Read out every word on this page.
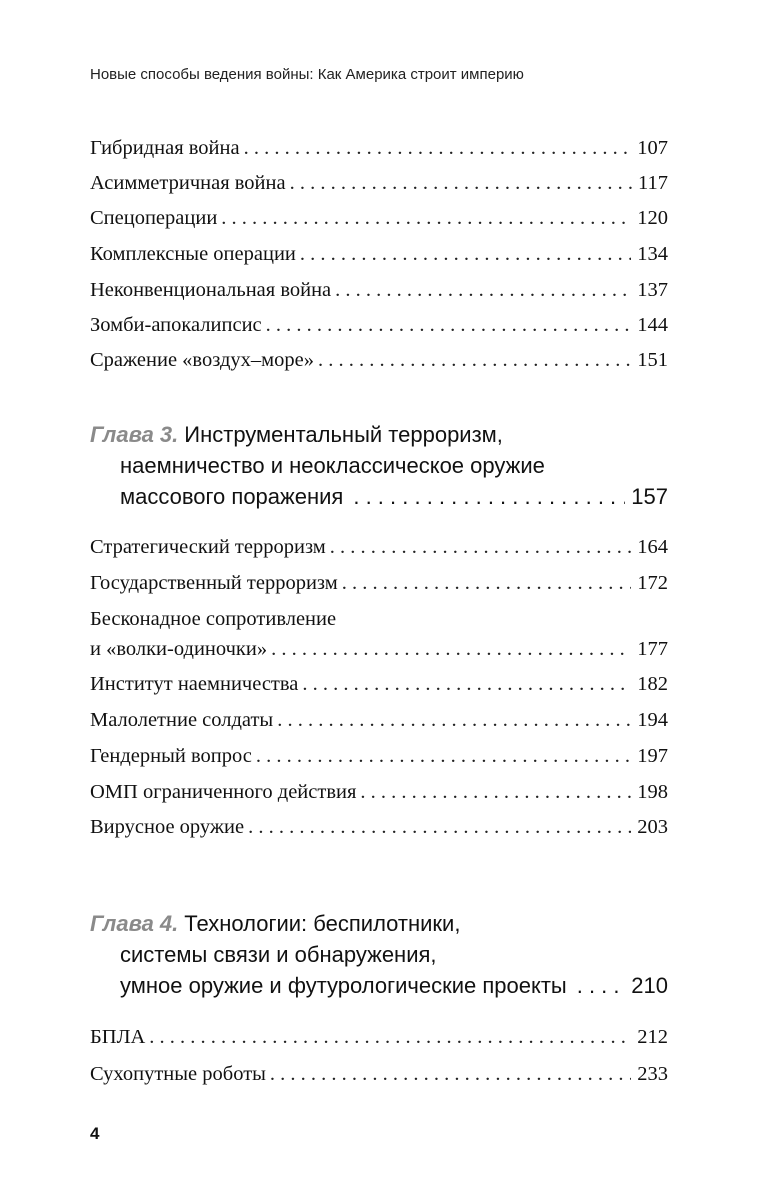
Новые способы ведения войны: Как Америка строит империю
Гибридная война . . .	107
Асимметричная война . . .	117
Спецоперации . . .	120
Комплексные операции . . .	134
Неконвенциональная война . . .	137
Зомби-апокалипсис . . .	144
Сражение «воздух–море» . . .	151
Глава 3. Инструментальный терроризм,
наемничество и неоклассическое оружие
массового поражения . . .	157
Стратегический терроризм . . .	164
Государственный терроризм . . .	172
Бесконадное сопротивление
и «волки-одиночки» . . .	177
Институт наемничества . . .	182
Малолетние солдаты . . .	194
Гендерный вопрос . . .	197
ОМП ограниченного действия . . .	198
Вирусное оружие . . .	203
Глава 4. Технологии: беспилотники,
системы связи и обнаружения,
умное оружие и футурологические проекты . . .	210
БПЛА . . .	212
Сухопутные роботы . . .	233
4
